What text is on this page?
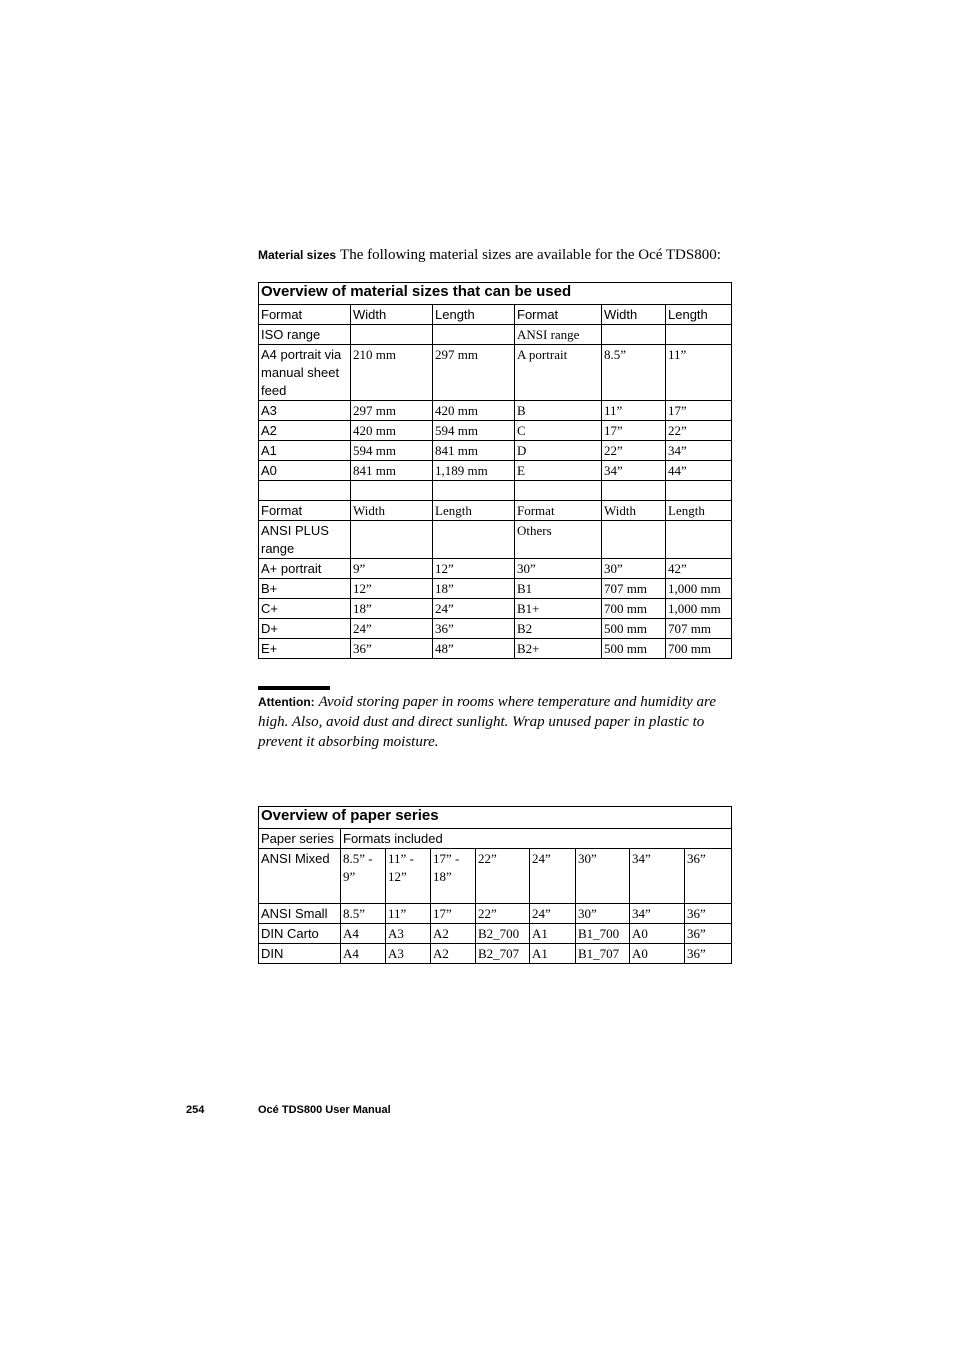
Material sizes The following material sizes are available for the Océ TDS800:
Overview of material sizes that can be used					
Format	Width	Length	Format	Width	Length
ISO range			ANSI range		
A4 portrait via manual sheet feed	210 mm	297 mm	A portrait	8.5”	11”
A3	297 mm	420 mm	B	11”	17”
A2	420 mm	594 mm	C	17”	22”
A1	594 mm	841 mm	D	22”	34”
A0	841 mm	1,189 mm	E	34”	44”

Format	Width	Length	Format	Width	Length
ANSI PLUS range			Others		
A+ portrait	9”	12”	30”	30”	42”
B+	12”	18”	B1	707 mm	1,000 mm
C+	18”	24”	B1+	700 mm	1,000 mm
D+	24”	36”	B2	500 mm	707 mm
E+	36”	48”	B2+	500 mm	700 mm
Attention: Avoid storing paper in rooms where temperature and humidity are high. Also, avoid dust and direct sunlight. Wrap unused paper in plastic to prevent it absorbing moisture.
Overview of paper series								
Paper series	Formats included							
ANSI Mixed	8.5” - 9”	11” - 12”	17” - 18”	22”	24”	30”	34”	36”
ANSI Small	8.5”	11”	17”	22”	24”	30”	34”	36”
DIN Carto	A4	A3	A2	B2_700	A1	B1_700	A0	36”
DIN	A4	A3	A2	B2_707	A1	B1_707	A0	36”
254	Océ TDS800 User Manual
